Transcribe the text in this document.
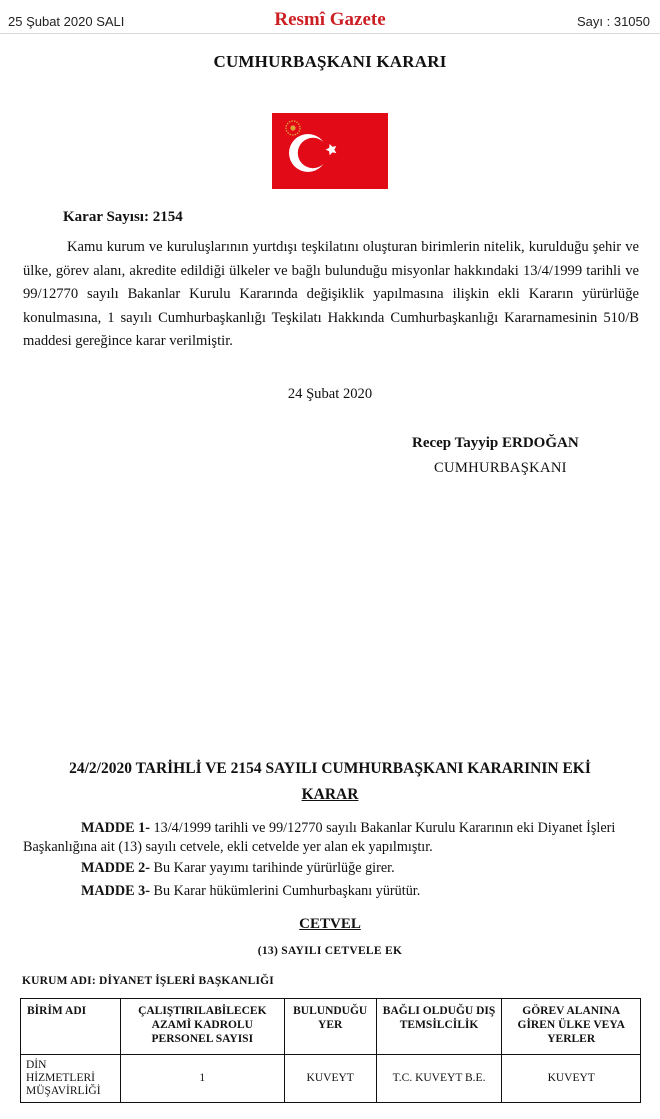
25 Şubat 2020 SALI	Resmî Gazete	Sayı : 31050
CUMHURBAŞKANI KARARI
Karar Sayısı: 2154

Kamu kurum ve kuruluşlarının yurtdışı teşkilatını oluşturan birimlerin nitelik, kurulduğu şehir ve ülke, görev alanı, akredite edildiği ülkeler ve bağlı bulunduğu misyonlar hakkındaki 13/4/1999 tarihli ve 99/12770 sayılı Bakanlar Kurulu Kararında değişiklik yapılmasına ilişkin ekli Kararın yürürlüğe konulmasına, 1 sayılı Cumhurbaşkanlığı Teşkilatı Hakkında Cumhurbaşkanlığı Kararnamesinin 510/B maddesi gereğince karar verilmiştir.

24 Şubat 2020
Recep Tayyip ERDOĞAN
CUMHURBAŞKANI
24/2/2020 TARİHLİ VE 2154 SAYILI CUMHURBAŞKANI KARARININ EKİ
KARAR

MADDE 1- 13/4/1999 tarihli ve 99/12770 sayılı Bakanlar Kurulu Kararının eki Diyanet İşleri Başkanlığına ait (13) sayılı cetvele, ekli cetvelde yer alan ek yapılmıştır.

MADDE 2- Bu Karar yayımı tarihinde yürürlüğe girer.

MADDE 3- Bu Karar hükümlerini Cumhurbaşkanı yürütür.

CETVEL
(13) SAYILI CETVELE EK
KURUM ADI: DİYANET İŞLERİ BAŞKANLIĞI
BİRİM ADI	ÇALIŞTIRILABİLECEK AZAMİ KADROLU PERSONEL SAYISI	BULUNDUĞU YER	BAĞLI OLDUĞU DIŞ TEMSİLCİLİK	GÖREV ALANINA GİREN ÜLKE VEYA YERLER

DİN
HİZMETLERİ
MÜŞAVİRLİĞİ	1	KUVEYT	T.C. KUVEYT B.E.	KUVEYT
